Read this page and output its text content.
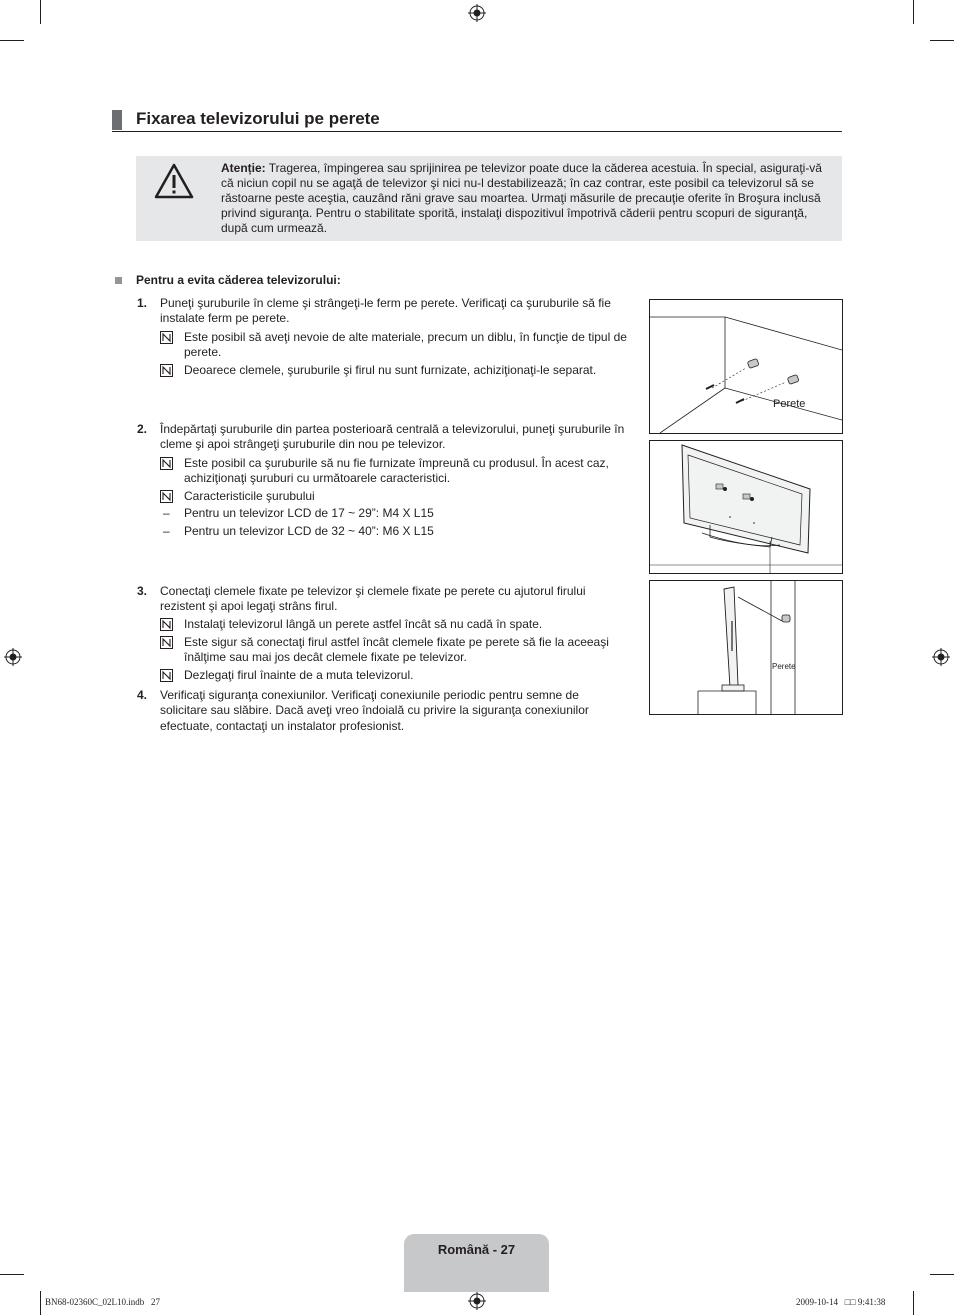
Fixarea televizorului pe perete
Atenție: Tragerea, împingerea sau sprijinirea pe televizor poate duce la căderea acestuia. În special, asiguraţi-vă că niciun copil nu se agaţă de televizor şi nici nu-l destabilizează; în caz contrar, este posibil ca televizorul să se răstoarne peste aceştia, cauzând răni grave sau moartea. Urmaţi măsurile de precauţie oferite în Broşura inclusă privind siguranţa. Pentru o stabilitate sporită, instalaţi dispozitivul împotrivă căderii pentru scopuri de siguranţă, după cum urmează.
Pentru a evita căderea televizorului:
1. Puneţi şuruburile în cleme şi strângeţi-le ferm pe perete. Verificaţi ca şuruburile să fie instalate ferm pe perete.
Este posibil să aveţi nevoie de alte materiale, precum un diblu, în funcţie de tipul de perete.
Deoarece clemele, şuruburile şi firul nu sunt furnizate, achiziţionaţi-le separat.
2. Îndepărtaţi şuruburile din partea posterioară centrală a televizorului, puneţi şuruburile în cleme şi apoi strângeţi şuruburile din nou pe televizor.
Este posibil ca şuruburile să nu fie furnizate împreună cu produsul. În acest caz, achiziţionaţi şuruburi cu următoarele caracteristici.
Caracteristicile şurubului
– Pentru un televizor LCD de 17 ~ 29”: M4 X L15
– Pentru un televizor LCD de 32 ~ 40”: M6 X L15
3. Conectaţi clemele fixate pe televizor şi clemele fixate pe perete cu ajutorul firului rezistent şi apoi legaţi strâns firul.
Instalaţi televizorul lângă un perete astfel încât să nu cadă în spate.
Este sigur să conectaţi firul astfel încât clemele fixate pe perete să fie la aceeaşi înălţime sau mai jos decât clemele fixate pe televizor.
Dezlegaţi firul înainte de a muta televizorul.
4. Verificaţi siguranţa conexiunilor. Verificaţi conexiunile periodic pentru semne de solicitare sau slăbire. Dacă aveţi vreo îndoială cu privire la siguranţa conexiunilor efectuate, contactaţi un instalator profesionist.
Perete
Perete
Română - 27
BN68-02360C_02L10.indb   27	2009-10-14   □□ 9:41:38
